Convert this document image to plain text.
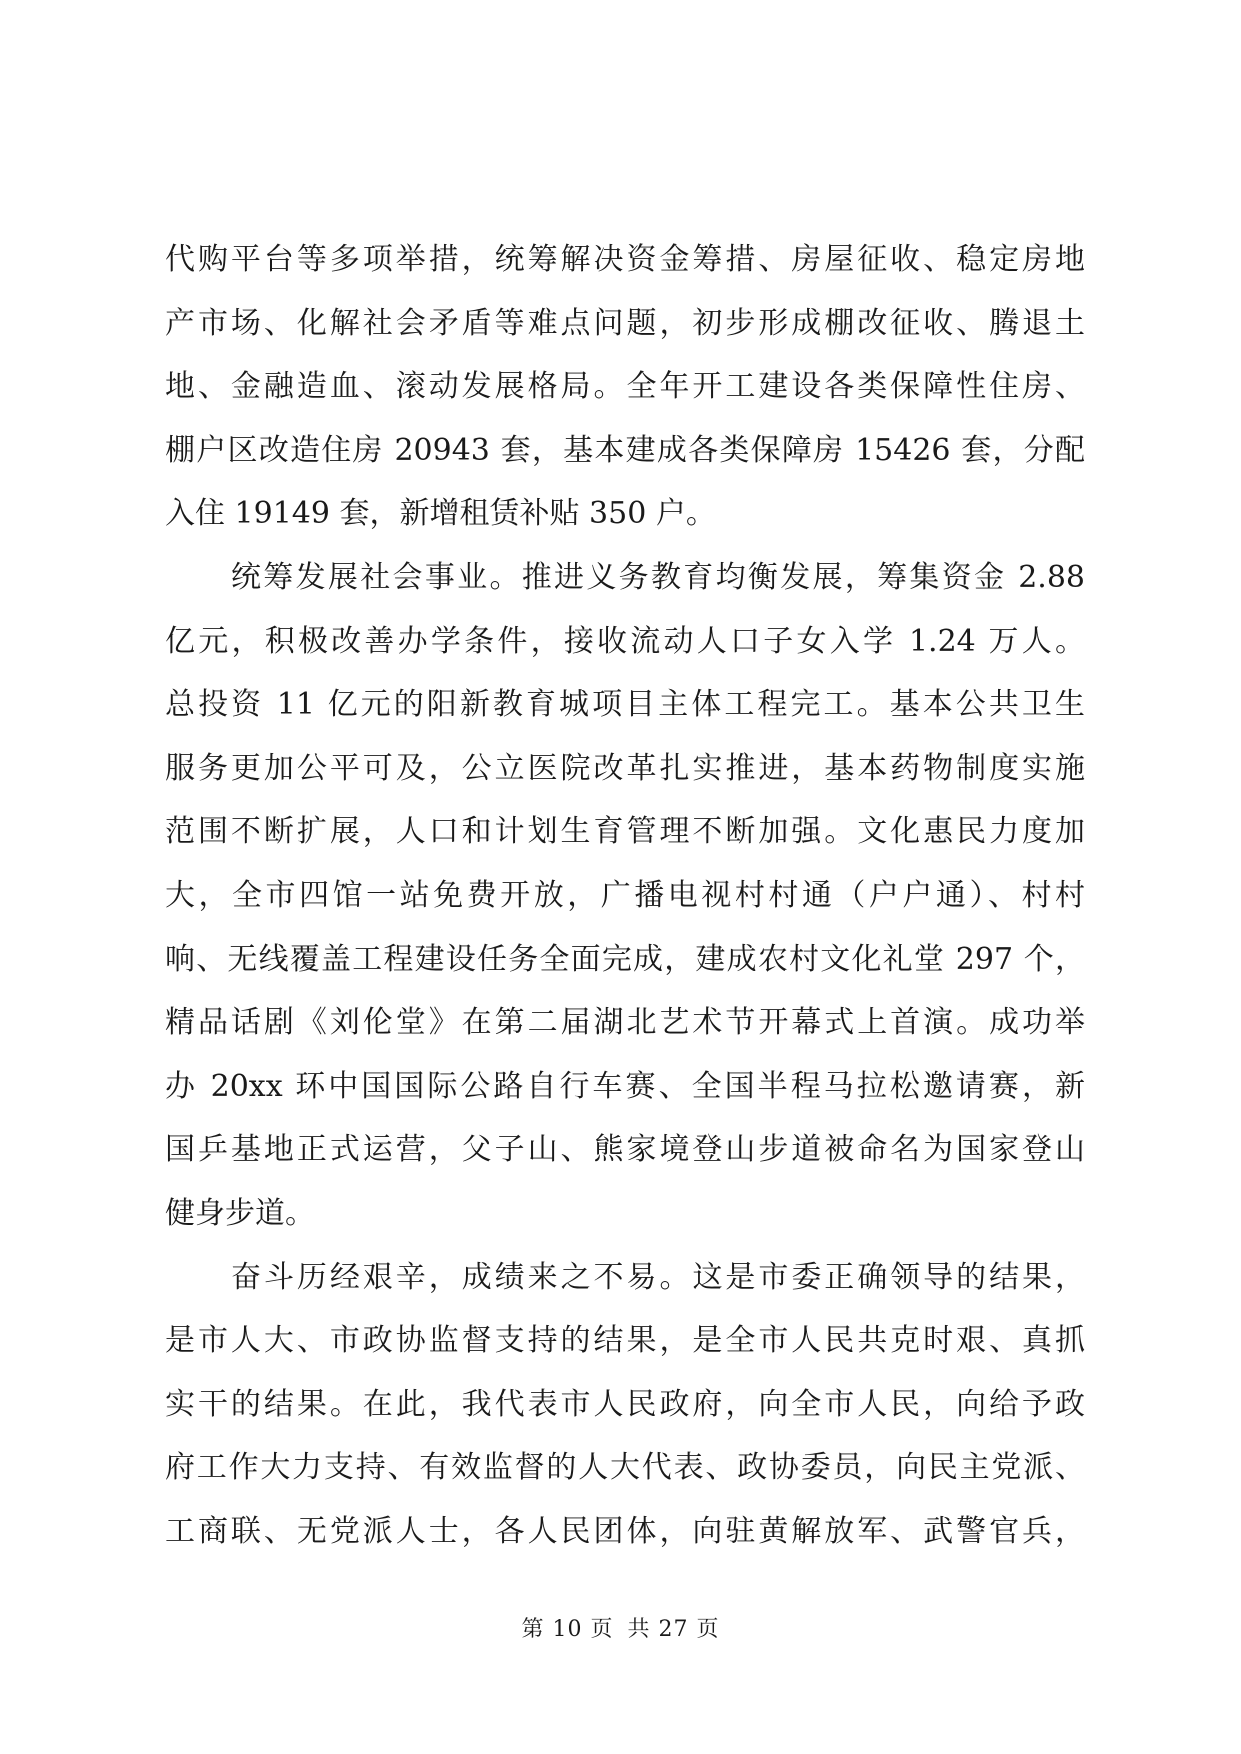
代购平台等多项举措，统筹解决资金筹措、房屋征收、稳定房地
产市场、化解社会矛盾等难点问题，初步形成棚改征收、腾退土
地、金融造血、滚动发展格局。全年开工建设各类保障性住房、
棚户区改造住房 20943 套，基本建成各类保障房 15426 套，分配
入住 19149 套，新增租赁补贴 350 户。
统筹发展社会事业。推进义务教育均衡发展，筹集资金 2.88
亿元，积极改善办学条件，接收流动人口子女入学 1.24 万人。
总投资 11 亿元的阳新教育城项目主体工程完工。基本公共卫生
服务更加公平可及，公立医院改革扎实推进，基本药物制度实施
范围不断扩展，人口和计划生育管理不断加强。文化惠民力度加
大，全市四馆一站免费开放，广播电视村村通（户户通）、村村
响、无线覆盖工程建设任务全面完成，建成农村文化礼堂 297 个，
精品话剧《刘伦堂》在第二届湖北艺术节开幕式上首演。成功举
办 20xx 环中国国际公路自行车赛、全国半程马拉松邀请赛，新
国乒基地正式运营，父子山、熊家境登山步道被命名为国家登山
健身步道。
奋斗历经艰辛，成绩来之不易。这是市委正确领导的结果，
是市人大、市政协监督支持的结果，是全市人民共克时艰、真抓
实干的结果。在此，我代表市人民政府，向全市人民，向给予政
府工作大力支持、有效监督的人大代表、政协委员，向民主党派、
工商联、无党派人士，各人民团体，向驻黄解放军、武警官兵，
第 10 页 共 27 页
